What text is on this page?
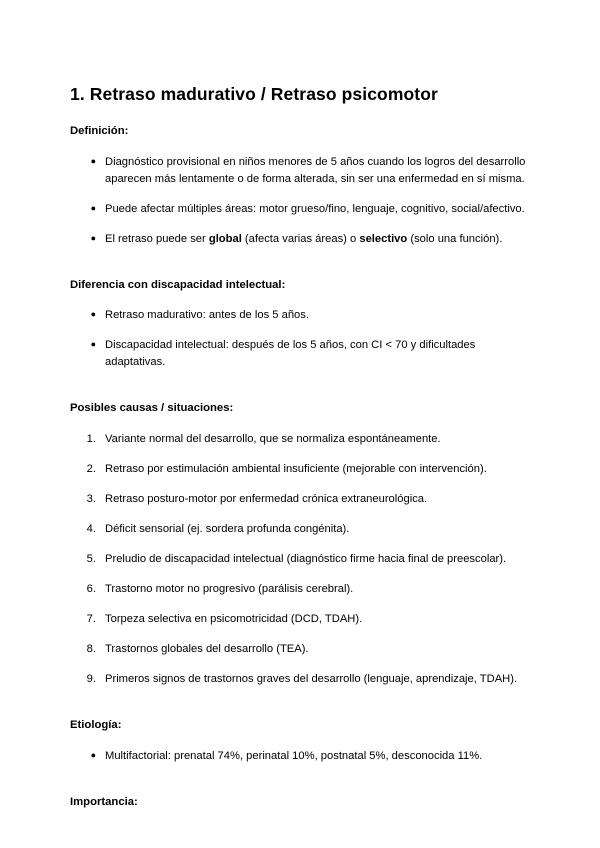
1. Retraso madurativo / Retraso psicomotor
Definición:
● Diagnóstico provisional en niños menores de 5 años cuando los logros del desarrollo aparecen más lentamente o de forma alterada, sin ser una enfermedad en sí misma.
● Puede afectar múltiples áreas: motor grueso/fino, lenguaje, cognitivo, social/afectivo.
● El retraso puede ser global (afecta varias áreas) o selectivo (solo una función).
Diferencia con discapacidad intelectual:
● Retraso madurativo: antes de los 5 años.
● Discapacidad intelectual: después de los 5 años, con CI < 70 y dificultades adaptativas.
Posibles causas / situaciones:
1. Variante normal del desarrollo, que se normaliza espontáneamente.
2. Retraso por estimulación ambiental insuficiente (mejorable con intervención).
3. Retraso posturo-motor por enfermedad crónica extraneurológica.
4. Déficit sensorial (ej. sordera profunda congénita).
5. Preludio de discapacidad intelectual (diagnóstico firme hacia final de preescolar).
6. Trastorno motor no progresivo (parálisis cerebral).
7. Torpeza selectiva en psicomotricidad (DCD, TDAH).
8. Trastornos globales del desarrollo (TEA).
9. Primeros signos de trastornos graves del desarrollo (lenguaje, aprendizaje, TDAH).
Etiología:
● Multifactorial: prenatal 74%, perinatal 10%, postnatal 5%, desconocida 11%.
Importancia:
